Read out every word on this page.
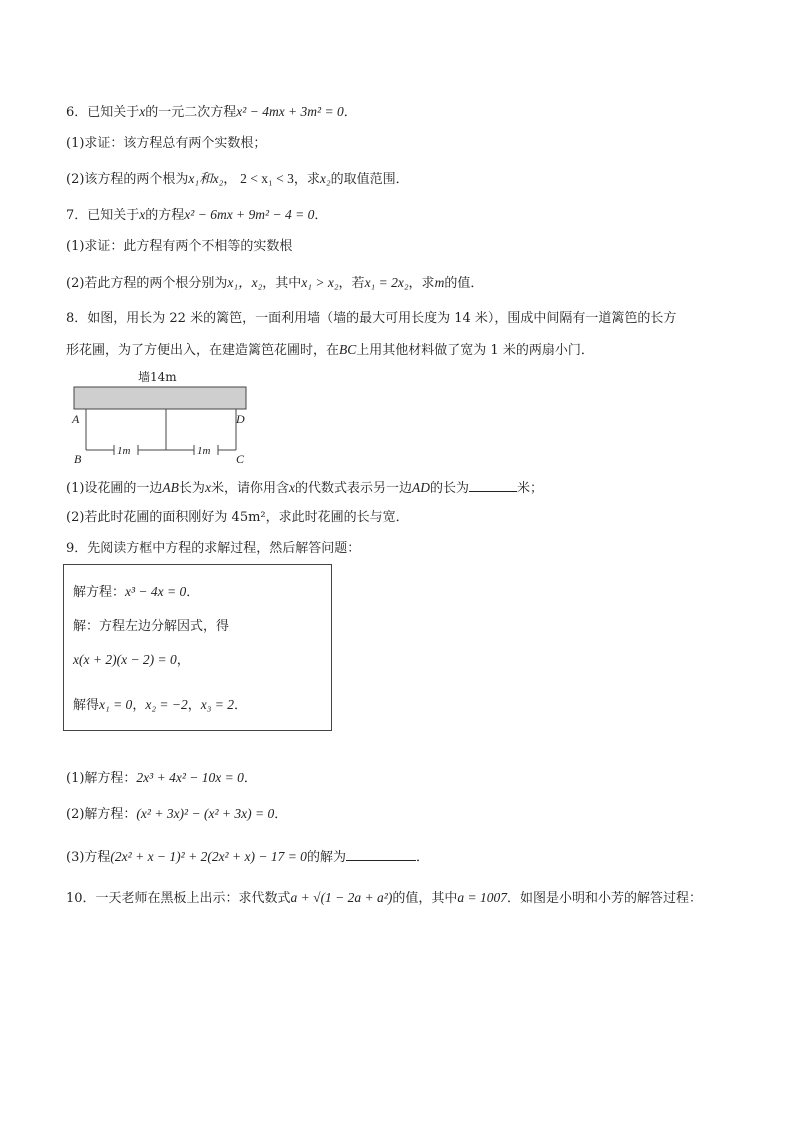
6．已知关于x的一元二次方程x² − 4mx + 3m² = 0．
(1)求证：该方程总有两个实数根；
(2)该方程的两个根为x₁和x₂， 2 < x₁ < 3，求x₂的取值范围．
7．已知关于x的方程x² − 6mx + 9m² − 4 = 0．
(1)求证：此方程有两个不相等的实数根
(2)若此方程的两个根分别为x₁，x₂，其中x₁ > x₂，若x₁ = 2x₂，求m的值．
8．如图，用长为 22 米的篱笆，一面利用墙（墙的最大可用长度为 14 米），围成中间隔有一道篱笆的长方
形花圃，为了方便出入，在建造篱笆花圃时，在BC上用其他材料做了宽为 1 米的两扇小门．
墙14m
1m	1m
A	D
B	C
(1)设花圃的一边AB长为x米，请你用含x的代数式表示另一边AD的长为	米；
(2)若此时花圃的面积刚好为 45m²，求此时花圃的长与宽．
9．先阅读方框中方程的求解过程，然后解答问题：
解方程：x³ − 4x = 0．
解：方程左边分解因式，得
x(x + 2)(x − 2) = 0，
解得x₁ = 0，x₂ = −2，x₃ = 2．
(1)解方程：2x³ + 4x² − 10x = 0．
(2)解方程：(x² + 3x)² − (x² + 3x) = 0．
(3)方程(2x² + x − 1)² + 2(2x² + x) − 17 = 0的解为	．
10．一天老师在黑板上出示：求代数式a + √(1 − 2a + a²)的值，其中a = 1007．如图是小明和小芳的解答过程：
